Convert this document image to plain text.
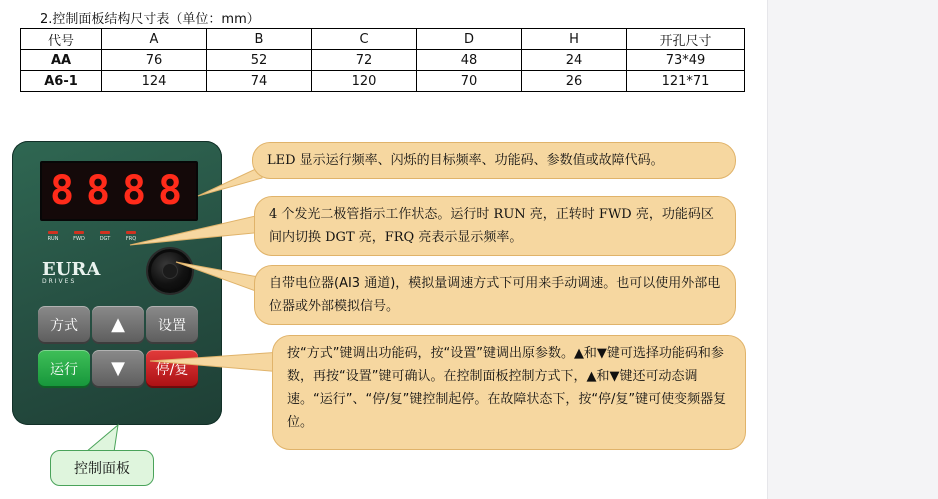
2.控制面板结构尺寸表（单位：mm）
代号	A	B	C	D	H	开孔尺寸
AA	76	52	72	48	24	73*49
A6-1	124	74	120	70	26	121*71
8 8 8 8
RUN	FWD	DGT	FRQ
EURA
DRIVES
方式 ▲ 设置
运行 ▼ 停/复
LED 显示运行频率、闪烁的目标频率、功能码、参数值或故障代码。
4 个发光二极管指示工作状态。运行时 RUN 亮，正转时 FWD 亮，功能码区间内切换 DGT 亮，FRQ 亮表示显示频率。
自带电位器(AI3 通道)，模拟量调速方式下可用来手动调速。也可以使用外部电位器或外部模拟信号。
按“方式”键调出功能码，按“设置”键调出原参数。▲和▼键可选择功能码和参数，再按“设置”键可确认。在控制面板控制方式下，▲和▼键还可动态调速。“运行”、“停/复”键控制起停。在故障状态下，按“停/复”键可使变频器复位。
控制面板
